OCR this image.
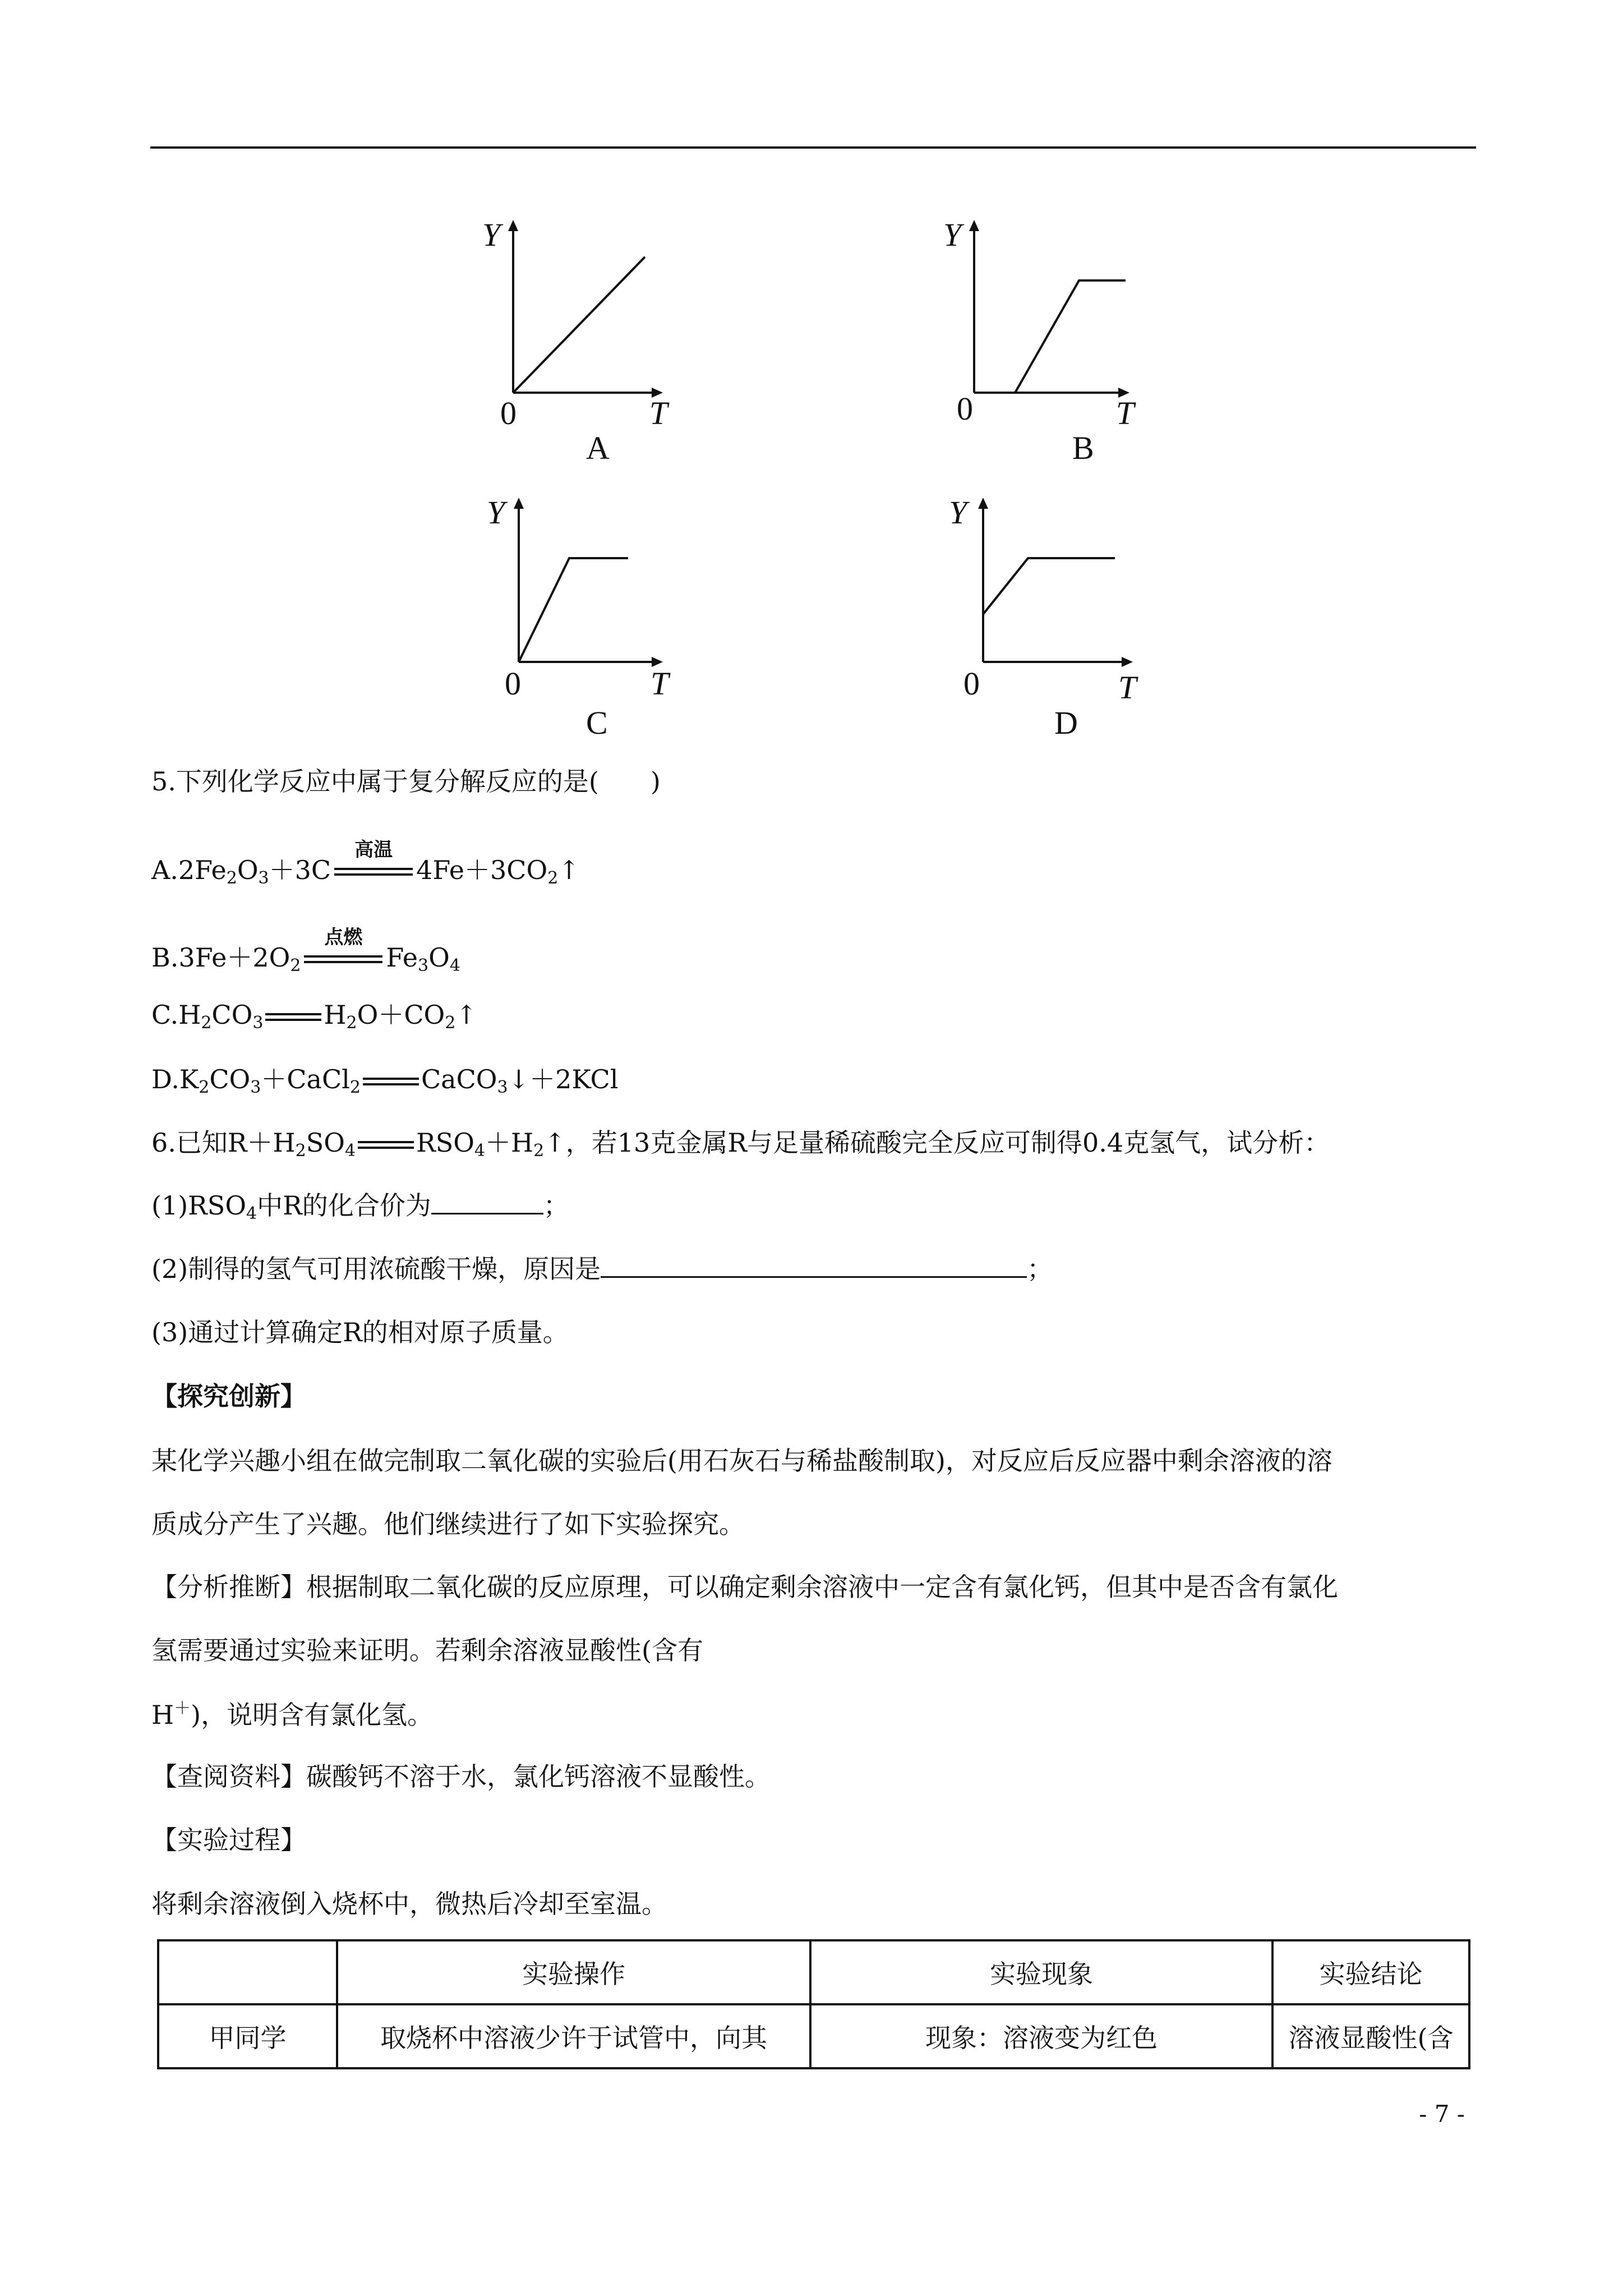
Y
0	T
A
Y
0	T
B
Y
0	T
C
Y
0	T
D
5.下列化学反应中属于复分解反应的是(　　)
$A.2Fe_2O_3+3C$
高温
$4Fe+3CO_2↑$
$B.3Fe+2O_2$
点燃
$Fe_3O_4$
$C.H_2CO_3$ $H_2O+CO_2↑$
$D.K_2CO_3+CaCl_2$ CaCO$_3$↓＋2KCl
6.已知$R+H_2SO_4$ $RSO_4+H_2↑$，若13克金属R与足量稀硫酸完全反应可制得0.4克氢气，试分析：
$(1)RSO_4$中R的化合价为	；
(2)制得的氢气可用浓硫酸干燥，原因是	；
(3)通过计算确定R的相对原子质量。
【探究创新】
某化学兴趣小组在做完制取二氧化碳的实验后(用石灰石与稀盐酸制取)，对反应后反应器中剩余溶液的溶
质成分产生了兴趣。他们继续进行了如下实验探究。
【分析推断】根据制取二氧化碳的反应原理，可以确定剩余溶液中一定含有氯化钙，但其中是否含有氯化
氢需要通过实验来证明。若剩余溶液显酸性(含有
H＋)，说明含有氯化氢。
【查阅资料】碳酸钙不溶于水，氯化钙溶液不显酸性。
【实验过程】
将剩余溶液倒入烧杯中，微热后冷却至室温。
	实验操作	实验现象	实验结论
甲同学	取烧杯中溶液少许于试管中，向其	现象：溶液变为红色	溶液显酸性(含
- 7 -
